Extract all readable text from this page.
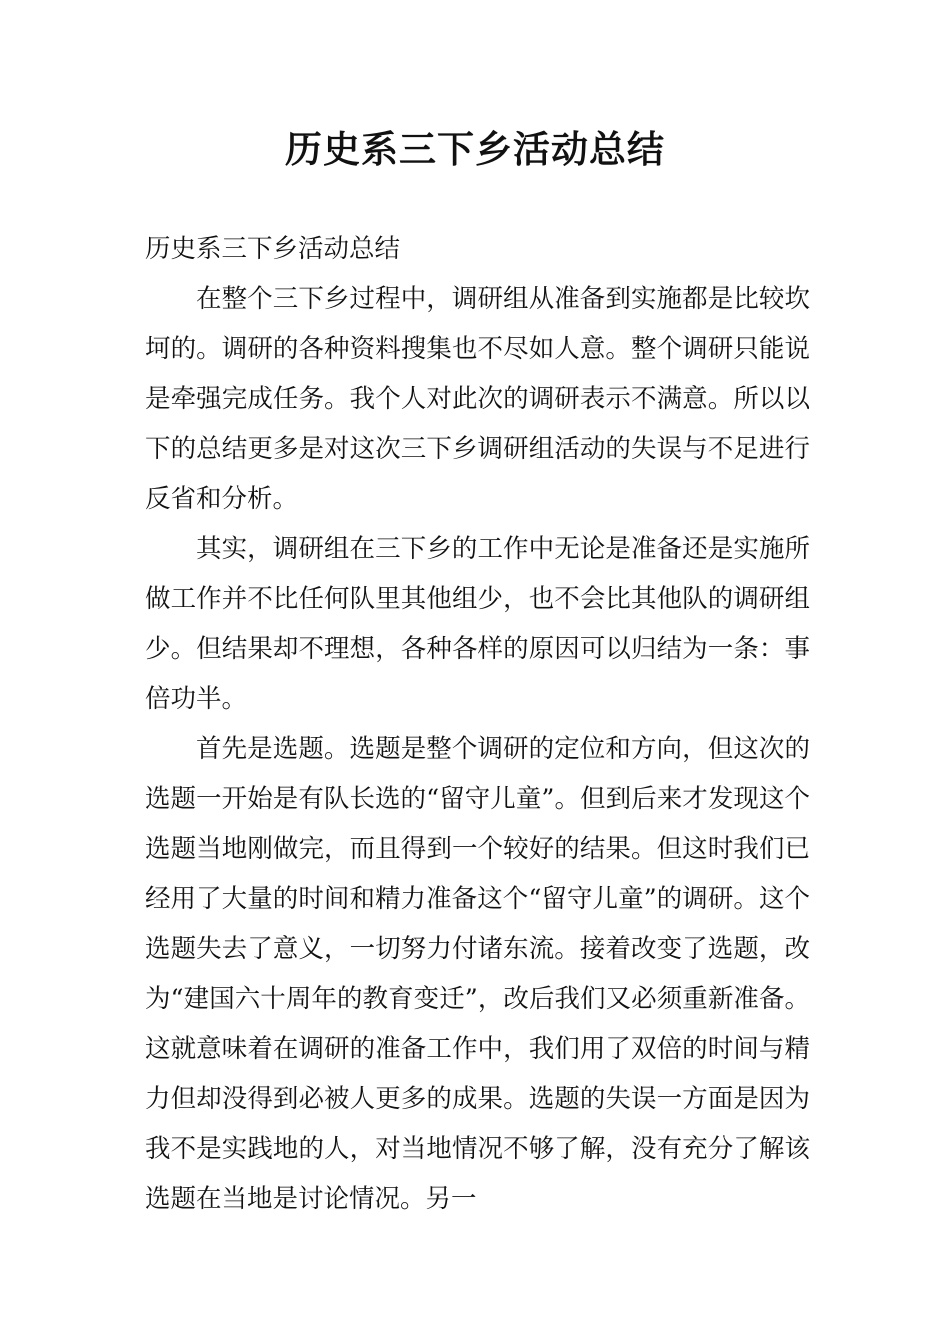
历史系三下乡活动总结

历史系三下乡活动总结

在整个三下乡过程中，调研组从准备到实施都是比较坎坷的。调研的各种资料搜集也不尽如人意。整个调研只能说是牵强完成任务。我个人对此次的调研表示不满意。所以以下的总结更多是对这次三下乡调研组活动的失误与不足进行反省和分析。

其实，调研组在三下乡的工作中无论是准备还是实施所做工作并不比任何队里其他组少，也不会比其他队的调研组少。但结果却不理想，各种各样的原因可以归结为一条：事倍功半。

首先是选题。选题是整个调研的定位和方向，但这次的选题一开始是有队长选的“留守儿童”。但到后来才发现这个选题当地刚做完，而且得到一个较好的结果。但这时我们已经用了大量的时间和精力准备这个“留守儿童”的调研。这个选题失去了意义，一切努力付诸东流。接着改变了选题，改为“建国六十周年的教育变迁”，改后我们又必须重新准备。这就意味着在调研的准备工作中，我们用了双倍的时间与精力但却没得到必被人更多的成果。选题的失误一方面是因为我不是实践地的人，对当地情况不够了解，没有充分了解该选题在当地是讨论情况。另一
